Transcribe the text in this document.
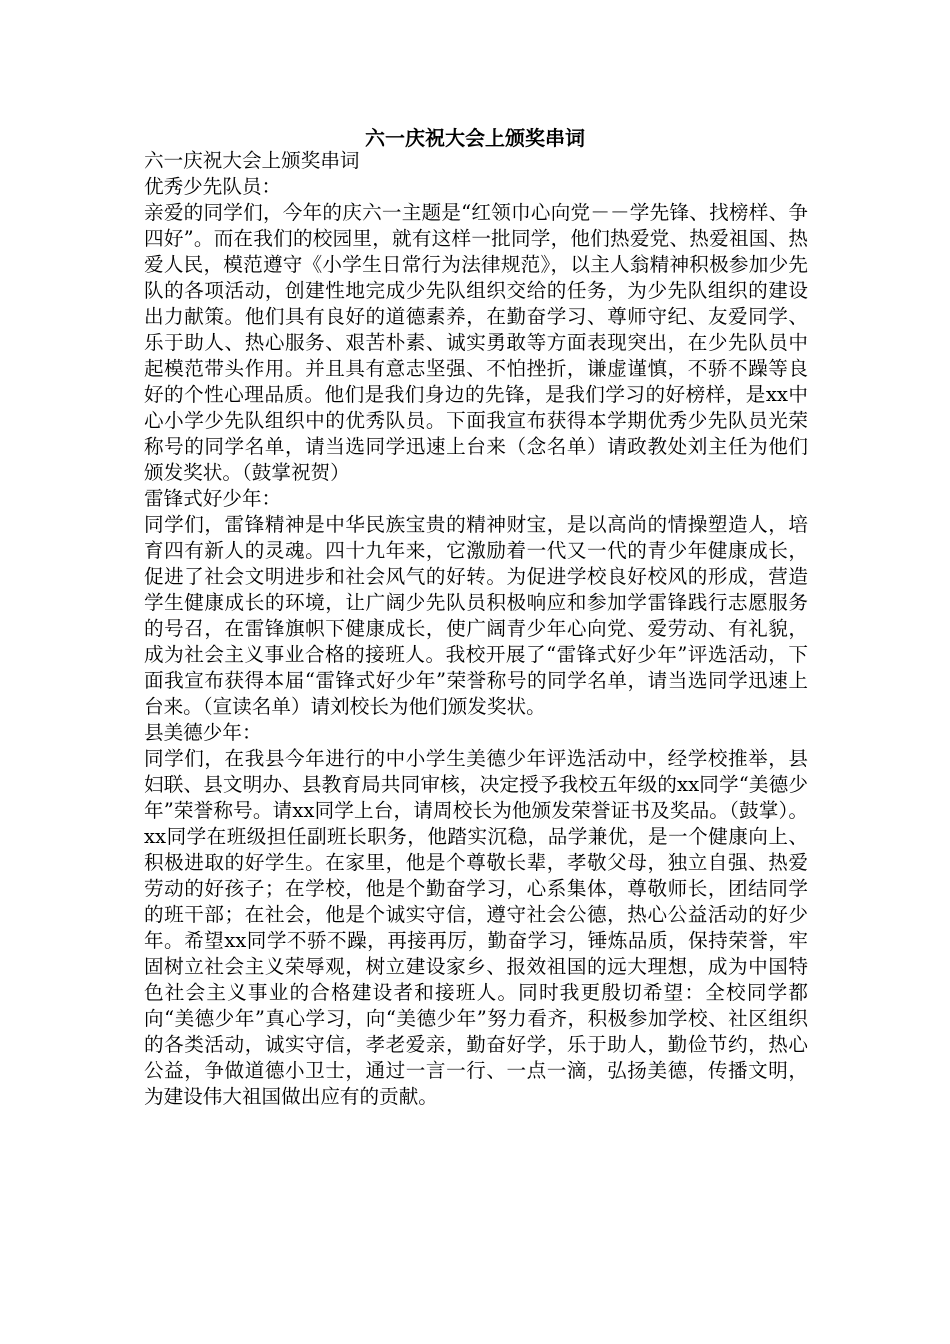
六一庆祝大会上颁奖串词

六一庆祝大会上颁奖串词

优秀少先队员：

亲爱的同学们，今年的庆六一主题是“红领巾心向党－－学先锋、找榜样、争四好”。而在我们的校园里，就有这样一批同学，他们热爱党、热爱祖国、热爱人民，模范遵守《小学生日常行为法律规范》，以主人翁精神积极参加少先队的各项活动，创建性地完成少先队组织交给的任务，为少先队组织的建设出力献策。他们具有良好的道德素养，在勤奋学习、尊师守纪、友爱同学、乐于助人、热心服务、艰苦朴素、诚实勇敢等方面表现突出，在少先队员中起模范带头作用。并且具有意志坚强、不怕挫折，谦虚谨慎，不骄不躁等良好的个性心理品质。他们是我们身边的先锋，是我们学习的好榜样，是xx中心小学少先队组织中的优秀队员。下面我宣布获得本学期优秀少先队员光荣称号的同学名单，请当选同学迅速上台来（念名单）请政教处刘主任为他们颁发奖状。（鼓掌祝贺）

雷锋式好少年：

同学们，雷锋精神是中华民族宝贵的精神财宝，是以高尚的情操塑造人，培育四有新人的灵魂。四十九年来，它激励着一代又一代的青少年健康成长，促进了社会文明进步和社会风气的好转。为促进学校良好校风的形成，营造学生健康成长的环境，让广阔少先队员积极响应和参加学雷锋践行志愿服务的号召，在雷锋旗帜下健康成长，使广阔青少年心向党、爱劳动、有礼貌，成为社会主义事业合格的接班人。我校开展了“雷锋式好少年”评选活动，下面我宣布获得本届“雷锋式好少年”荣誉称号的同学名单，请当选同学迅速上台来。（宣读名单）请刘校长为他们颁发奖状。

县美德少年：

同学们，在我县今年进行的中小学生美德少年评选活动中，经学校推举，县妇联、县文明办、县教育局共同审核，决定授予我校五年级的xx同学“美德少年”荣誉称号。请xx同学上台，请周校长为他颁发荣誉证书及奖品。（鼓掌）。xx同学在班级担任副班长职务，他踏实沉稳，品学兼优，是一个健康向上、积极进取的好学生。在家里，他是个尊敬长辈，孝敬父母，独立自强、热爱劳动的好孩子；在学校，他是个勤奋学习，心系集体，尊敬师长，团结同学的班干部；在社会，他是个诚实守信，遵守社会公德，热心公益活动的好少年。希望xx同学不骄不躁，再接再厉，勤奋学习，锤炼品质，保持荣誉，牢固树立社会主义荣辱观，树立建设家乡、报效祖国的远大理想，成为中国特色社会主义事业的合格建设者和接班人。同时我更殷切希望：全校同学都向“美德少年”真心学习，向“美德少年”努力看齐，积极参加学校、社区组织的各类活动，诚实守信，孝老爱亲，勤奋好学，乐于助人，勤俭节约，热心公益，争做道德小卫士，通过一言一行、一点一滴，弘扬美德，传播文明，为建设伟大祖国做出应有的贡献。
